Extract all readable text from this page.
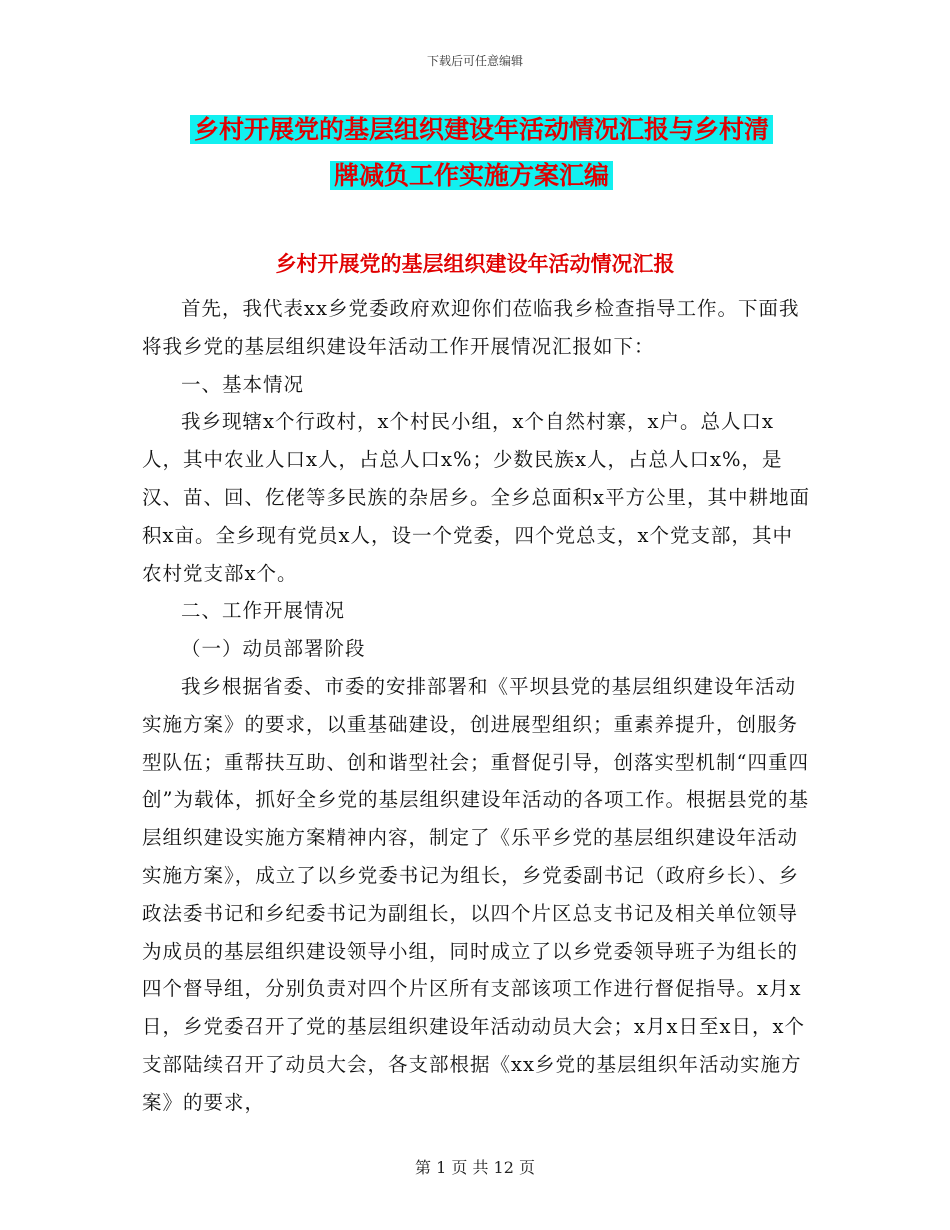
下载后可任意编辑
乡村开展党的基层组织建设年活动情况汇报与乡村清
牌减负工作实施方案汇编
乡村开展党的基层组织建设年活动情况汇报

首先，我代表xx乡党委政府欢迎你们莅临我乡检查指导工作。下面我将我乡党的基层组织建设年活动工作开展情况汇报如下：

一、基本情况

我乡现辖x个行政村，x个村民小组，x个自然村寨，x户。总人口x人，其中农业人口x人，占总人口x%；少数民族x人，占总人口x%，是汉、苗、回、仡佬等多民族的杂居乡。全乡总面积x平方公里，其中耕地面积x亩。全乡现有党员x人，设一个党委，四个党总支，x个党支部，其中农村党支部x个。

二、工作开展情况

（一）动员部署阶段

我乡根据省委、市委的安排部署和《平坝县党的基层组织建设年活动实施方案》的要求，以重基础建设，创进展型组织；重素养提升，创服务型队伍；重帮扶互助、创和谐型社会；重督促引导，创落实型机制“四重四创”为载体，抓好全乡党的基层组织建设年活动的各项工作。根据县党的基层组织建设实施方案精神内容，制定了《乐平乡党的基层组织建设年活动实施方案》，成立了以乡党委书记为组长，乡党委副书记（政府乡长）、乡政法委书记和乡纪委书记为副组长，以四个片区总支书记及相关单位领导为成员的基层组织建设领导小组，同时成立了以乡党委领导班子为组长的四个督导组，分别负责对四个片区所有支部该项工作进行督促指导。x月x日，乡党委召开了党的基层组织建设年活动动员大会；x月x日至x日，x个支部陆续召开了动员大会，各支部根据《xx乡党的基层组织年活动实施方案》的要求，

第 1 页 共 12 页
